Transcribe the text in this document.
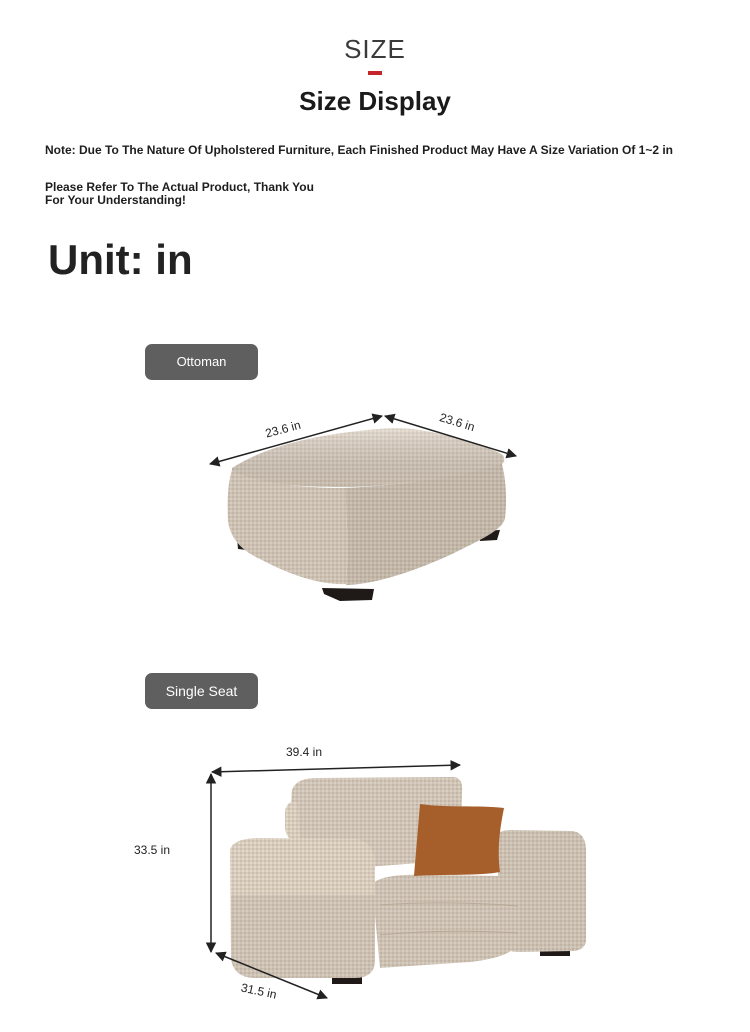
SIZE
Size Display
Note: Due To The Nature Of Upholstered Furniture, Each Finished Product May Have A Size Variation Of 1~2 in
Please Refer To The Actual Product, Thank You For Your Understanding!
Unit: in
Ottoman
Single Seat
23.6 in	23.6 in
39.4 in
33.5 in
31.5 in
